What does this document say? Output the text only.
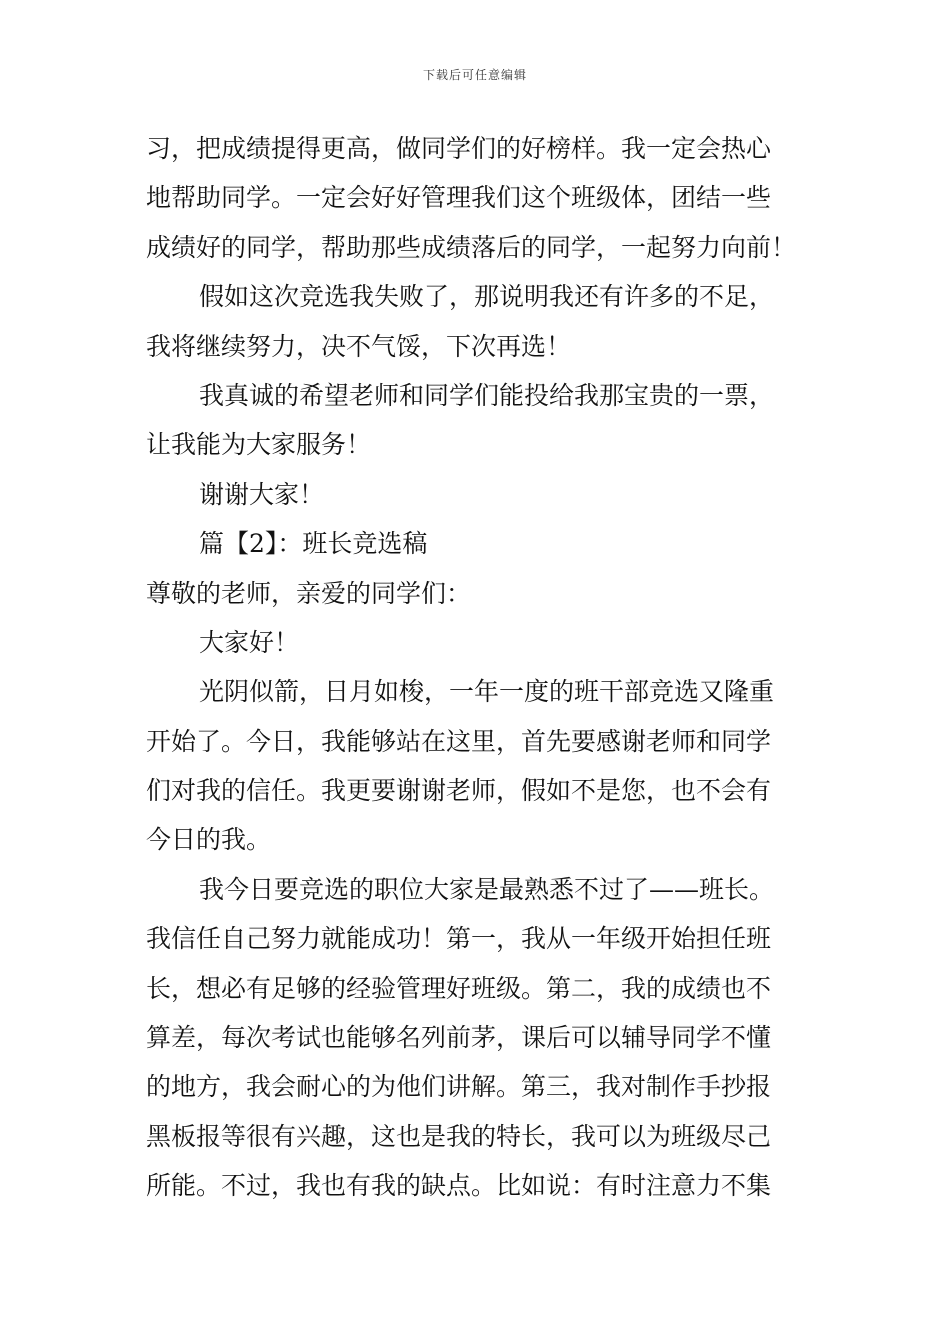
下载后可任意编辑
习，把成绩提得更高，做同学们的好榜样。我一定会热心
地帮助同学。一定会好好管理我们这个班级体，团结一些
成绩好的同学，帮助那些成绩落后的同学，一起努力向前！
假如这次竞选我失败了，那说明我还有许多的不足，
我将继续努力，决不气馁，下次再选！
我真诚的希望老师和同学们能投给我那宝贵的一票，
让我能为大家服务！
谢谢大家！
篇【2】：班长竞选稿
尊敬的老师，亲爱的同学们：
大家好！
光阴似箭，日月如梭，一年一度的班干部竞选又隆重
开始了。今日，我能够站在这里，首先要感谢老师和同学
们对我的信任。我更要谢谢老师，假如不是您，也不会有
今日的我。
我今日要竞选的职位大家是最熟悉不过了——班长。
我信任自己努力就能成功！第一，我从一年级开始担任班
长，想必有足够的经验管理好班级。第二，我的成绩也不
算差，每次考试也能够名列前茅，课后可以辅导同学不懂
的地方，我会耐心的为他们讲解。第三，我对制作手抄报
黑板报等很有兴趣，这也是我的特长，我可以为班级尽己
所能。不过，我也有我的缺点。比如说：有时注意力不集
